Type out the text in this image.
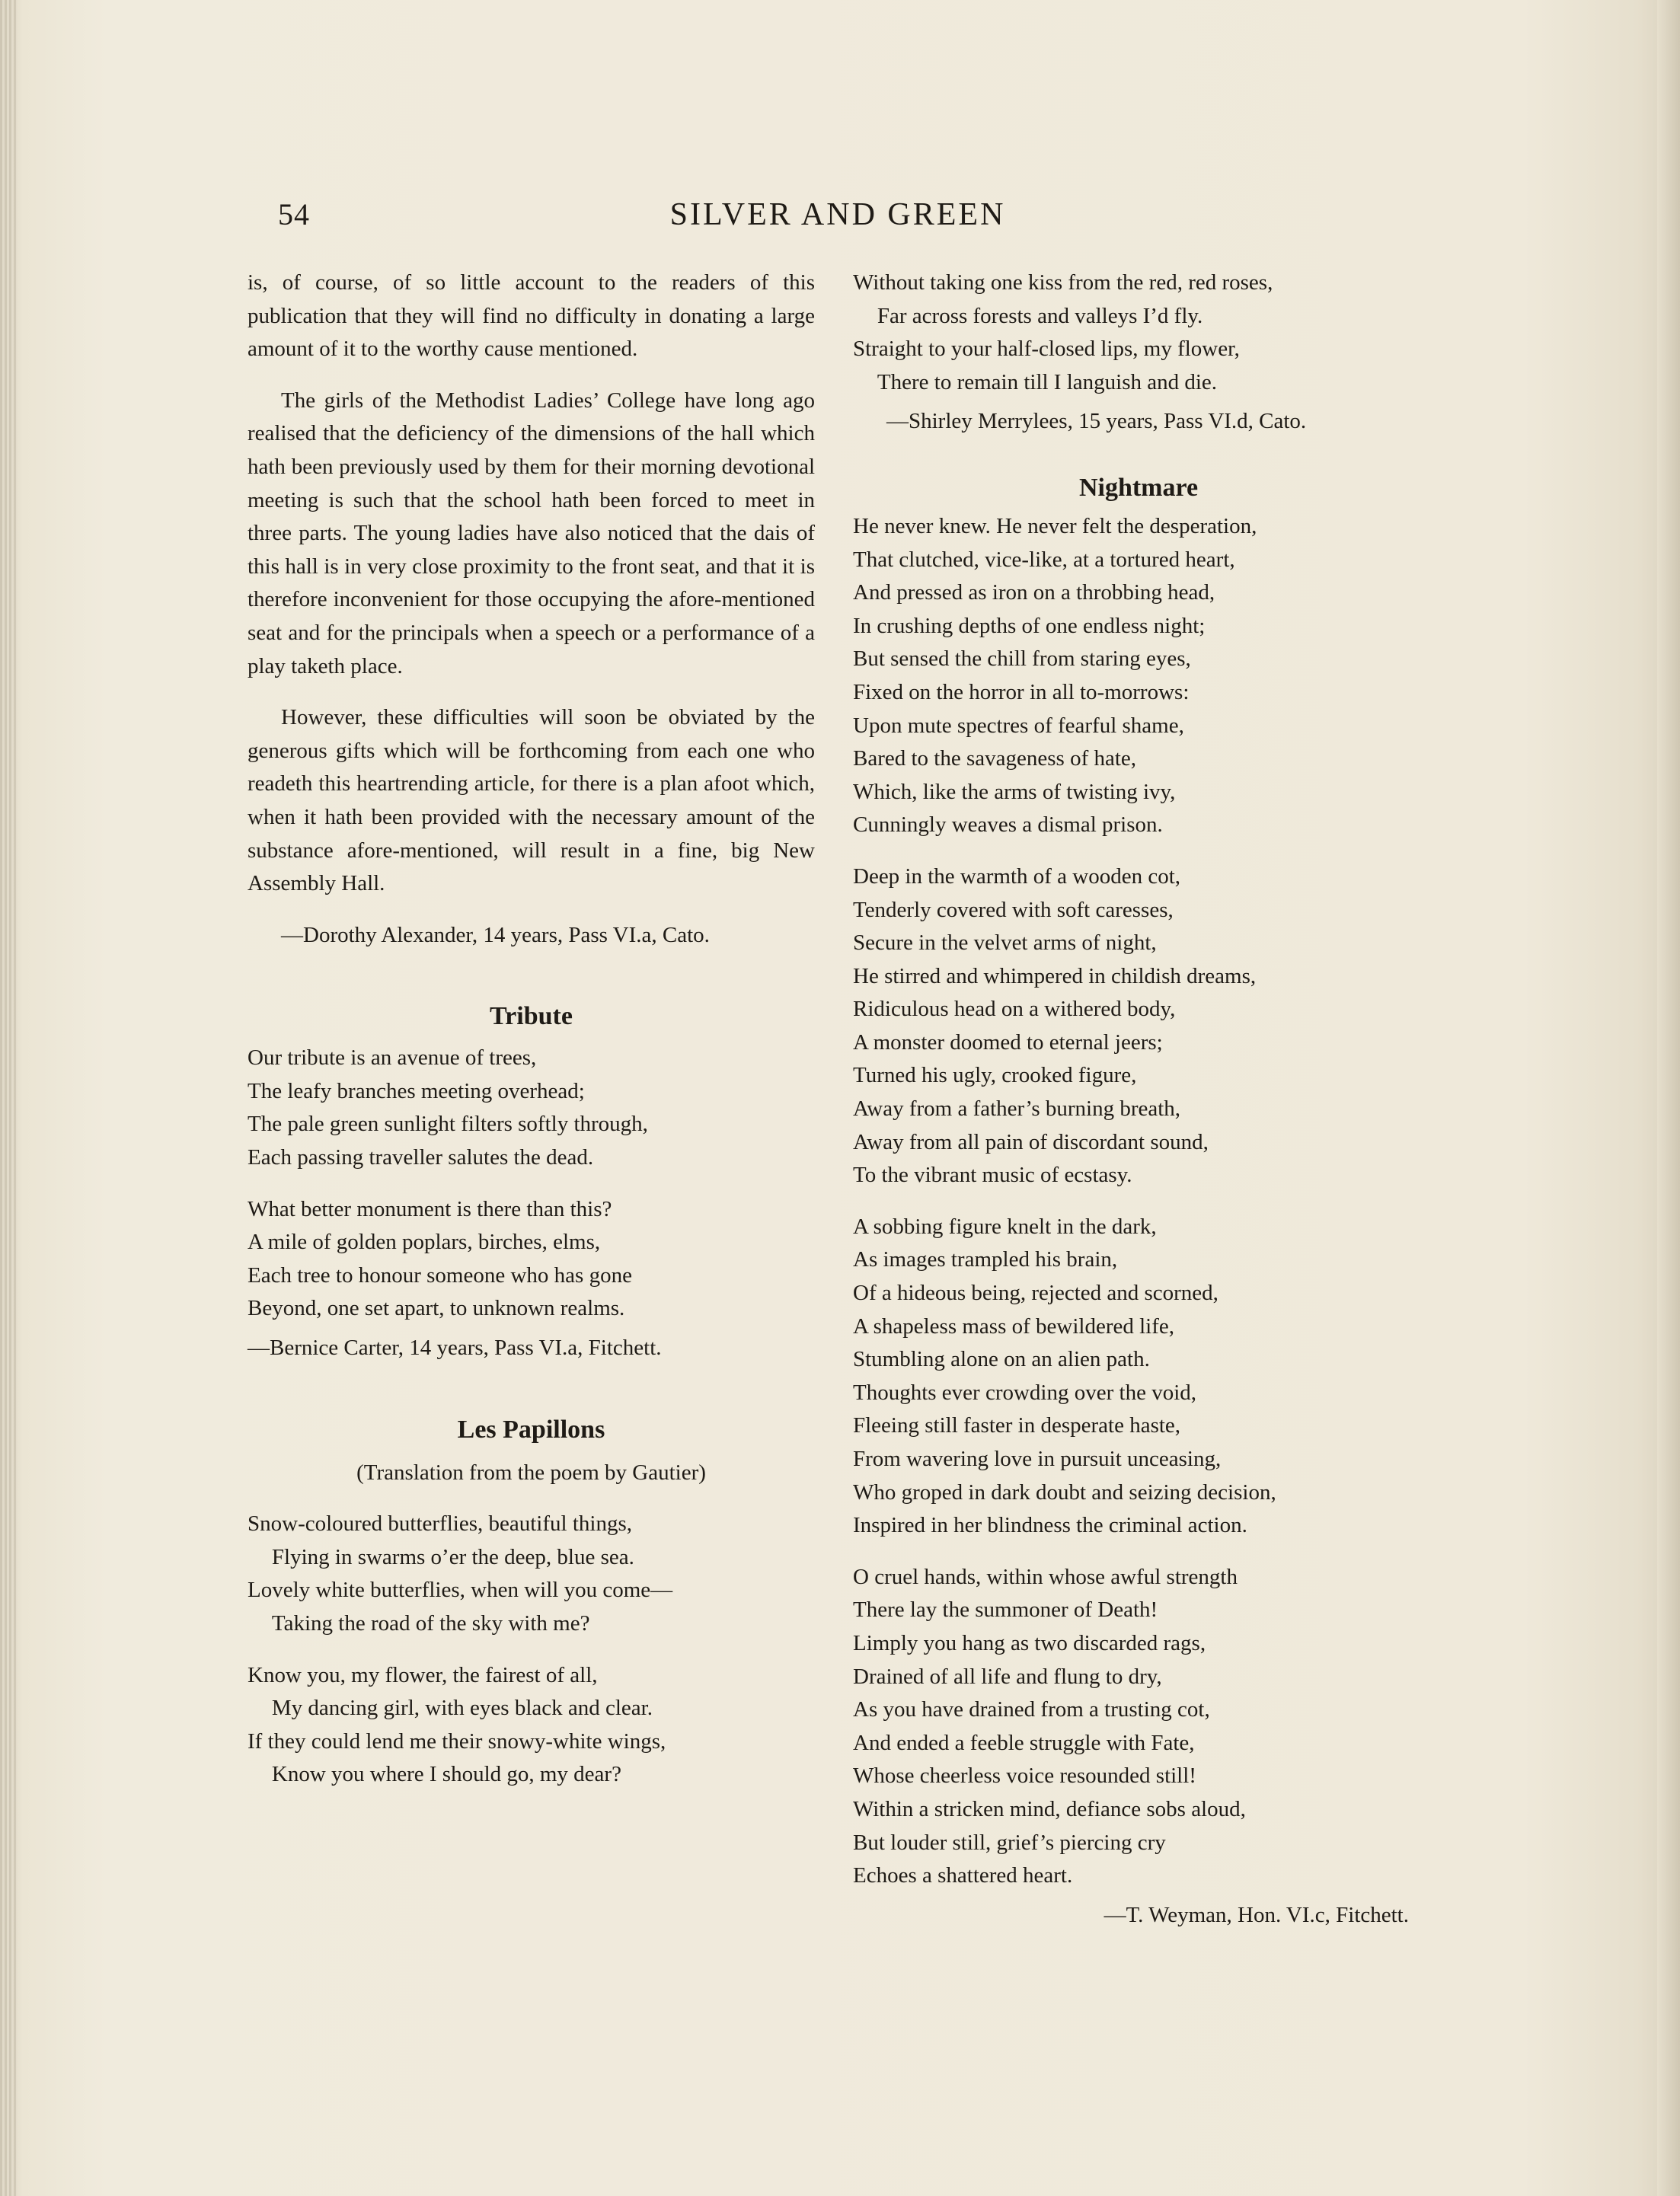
54	SILVER AND GREEN

is, of course, of so little account to the readers of this publication that they will find no difficulty in donating a large amount of it to the worthy cause mentioned.

The girls of the Methodist Ladies’ College have long ago realised that the deficiency of the dimensions of the hall which hath been previously used by them for their morning devotional meeting is such that the school hath been forced to meet in three parts. The young ladies have also noticed that the dais of this hall is in very close proximity to the front seat, and that it is therefore inconvenient for those occupying the afore-mentioned seat and for the principals when a speech or a performance of a play taketh place.

However, these difficulties will soon be obviated by the generous gifts which will be forthcoming from each one who readeth this heartrending article, for there is a plan afoot which, when it hath been provided with the necessary amount of the substance afore-mentioned, will result in a fine, big New Assembly Hall.

—Dorothy Alexander, 14 years, Pass VI.a, Cato.

Tribute
Our tribute is an avenue of trees,
The leafy branches meeting overhead;
The pale green sunlight filters softly through,
Each passing traveller salutes the dead.
What better monument is there than this?
A mile of golden poplars, birches, elms,
Each tree to honour someone who has gone
Beyond, one set apart, to unknown realms.

—Bernice Carter, 14 years, Pass VI.a, Fitchett.

Les Papillons

(Translation from the poem by Gautier)

Snow-coloured butterflies, beautiful things,
Flying in swarms o’er the deep, blue sea.
Lovely white butterflies, when will you come—
Taking the road of the sky with me?
Know you, my flower, the fairest of all,
My dancing girl, with eyes black and clear.
If they could lend me their snowy-white wings,
Know you where I should go, my dear?
Without taking one kiss from the red, red roses,
Far across forests and valleys I’d fly.
Straight to your half-closed lips, my flower,
There to remain till I languish and die.

—Shirley Merrylees, 15 years, Pass VI.d, Cato.

Nightmare
He never knew. He never felt the desperation,
That clutched, vice-like, at a tortured heart,
And pressed as iron on a throbbing head,
In crushing depths of one endless night;
But sensed the chill from staring eyes,
Fixed on the horror in all to-morrows:
Upon mute spectres of fearful shame,
Bared to the savageness of hate,
Which, like the arms of twisting ivy,
Cunningly weaves a dismal prison.
Deep in the warmth of a wooden cot,
Tenderly covered with soft caresses,
Secure in the velvet arms of night,
He stirred and whimpered in childish dreams,
Ridiculous head on a withered body,
A monster doomed to eternal jeers;
Turned his ugly, crooked figure,
Away from a father’s burning breath,
Away from all pain of discordant sound,
To the vibrant music of ecstasy.
A sobbing figure knelt in the dark,
As images trampled his brain,
Of a hideous being, rejected and scorned,
A shapeless mass of bewildered life,
Stumbling alone on an alien path.
Thoughts ever crowding over the void,
Fleeing still faster in desperate haste,
From wavering love in pursuit unceasing,
Who groped in dark doubt and seizing decision,
Inspired in her blindness the criminal action.
O cruel hands, within whose awful strength
There lay the summoner of Death!
Limply you hang as two discarded rags,
Drained of all life and flung to dry,
As you have drained from a trusting cot,
And ended a feeble struggle with Fate,
Whose cheerless voice resounded still!
Within a stricken mind, defiance sobs aloud,
But louder still, grief’s piercing cry
Echoes a shattered heart.

—T. Weyman, Hon. VI.c, Fitchett.
